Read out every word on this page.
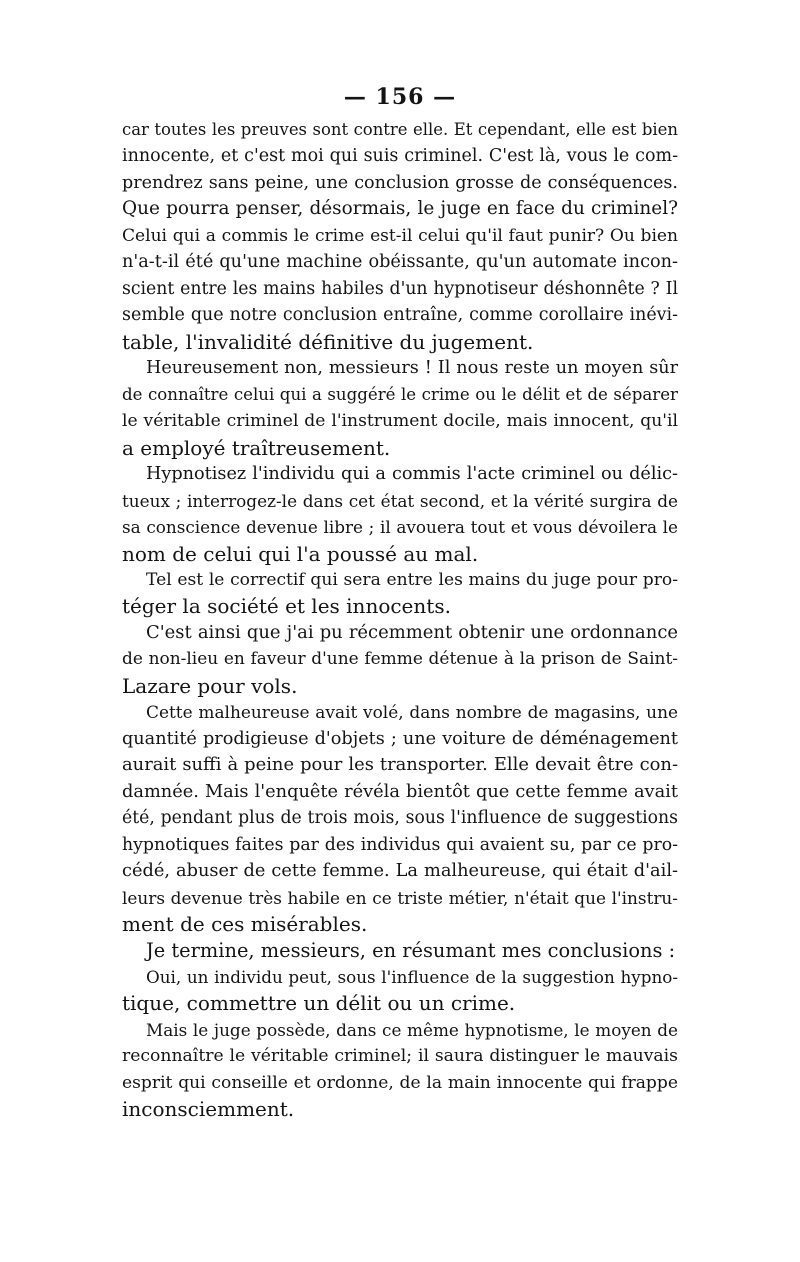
— 156 —

car toutes les preuves sont contre elle. Et cependant, elle est bien
innocente, et c'est moi qui suis criminel. C'est là, vous le com-
prendrez sans peine, une conclusion grosse de conséquences.
Que pourra penser, désormais, le juge en face du criminel?
Celui qui a commis le crime est-il celui qu'il faut punir? Ou bien
n'a-t-il été qu'une machine obéissante, qu'un automate incon-
scient entre les mains habiles d'un hypnotiseur déshonnête ? Il
semble que notre conclusion entraîne, comme corollaire inévi-
table, l'invalidité définitive du jugement.
Heureusement non, messieurs ! Il nous reste un moyen sûr
de connaître celui qui a suggéré le crime ou le délit et de séparer
le véritable criminel de l'instrument docile, mais innocent, qu'il
a employé traîtreusement.
Hypnotisez l'individu qui a commis l'acte criminel ou délic-
tueux ; interrogez-le dans cet état second, et la vérité surgira de
sa conscience devenue libre ; il avouera tout et vous dévoilera le
nom de celui qui l'a poussé au mal.
Tel est le correctif qui sera entre les mains du juge pour pro-
téger la société et les innocents.
C'est ainsi que j'ai pu récemment obtenir une ordonnance
de non-lieu en faveur d'une femme détenue à la prison de Saint-
Lazare pour vols.
Cette malheureuse avait volé, dans nombre de magasins, une
quantité prodigieuse d'objets ; une voiture de déménagement
aurait suffi à peine pour les transporter. Elle devait être con-
damnée. Mais l'enquête révéla bientôt que cette femme avait
été, pendant plus de trois mois, sous l'influence de suggestions
hypnotiques faites par des individus qui avaient su, par ce pro-
cédé, abuser de cette femme. La malheureuse, qui était d'ail-
leurs devenue très habile en ce triste métier, n'était que l'instru-
ment de ces misérables.
Je termine, messieurs, en résumant mes conclusions :
Oui, un individu peut, sous l'influence de la suggestion hypno-
tique, commettre un délit ou un crime.
Mais le juge possède, dans ce même hypnotisme, le moyen de
reconnaître le véritable criminel; il saura distinguer le mauvais
esprit qui conseille et ordonne, de la main innocente qui frappe
inconsciemment.
